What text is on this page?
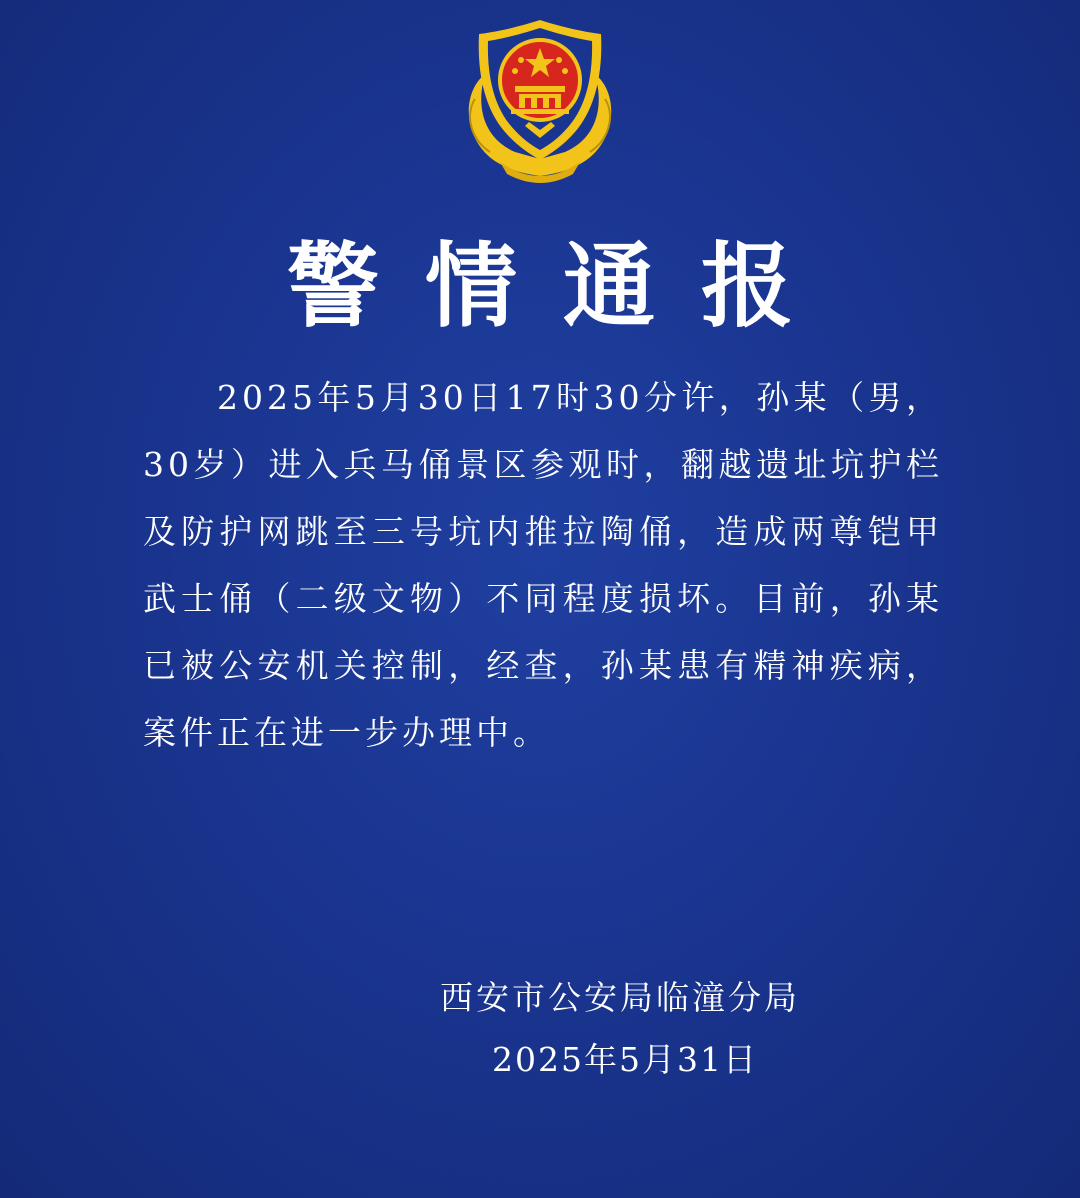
警情通报
2025年5月30日17时30分许，孙某（男，30岁）进入兵马俑景区参观时，翻越遗址坑护栏及防护网跳至三号坑内推拉陶俑，造成两尊铠甲武士俑（二级文物）不同程度损坏。目前，孙某已被公安机关控制，经查，孙某患有精神疾病，案件正在进一步办理中。
西安市公安局临潼分局
2025年5月31日
